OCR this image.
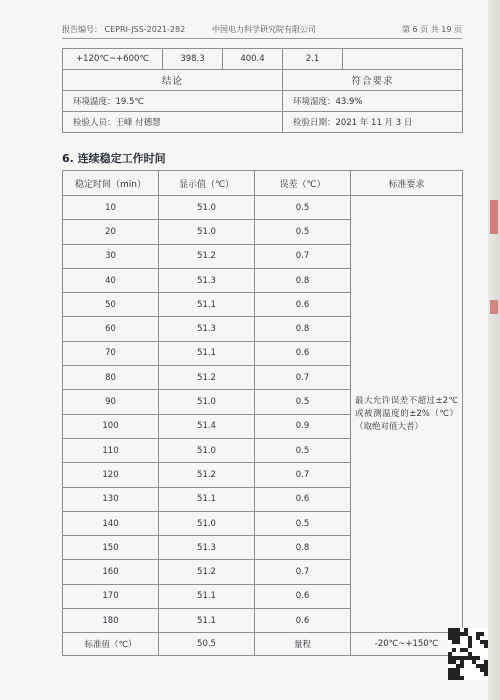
报告编号： CEPRI-JSS-2021-282	中国电力科学研究院有限公司	第 6 页 共 19 页
+120℃~+600℃	398.3	400.4	2.1	
结论			符合要求	
环境温度：19.5℃			环境湿度：43.9%	
检验人员：王峰 付德慧			检验日期：2021 年 11 月 3 日	
6. 连续稳定工作时间
稳定时间（min）	显示值（℃）	误差（℃）	标准要求
10	51.0	0.5	最大允许误差不超过±2℃或被测温度的±2%（℃）（取绝对值大者）
20	51.0	0.5	
30	51.2	0.7	
40	51.3	0.8	
50	51.1	0.6	
60	51.3	0.8	
70	51.1	0.6	
80	51.2	0.7	
90	51.0	0.5	
100	51.4	0.9	
110	51.0	0.5	
120	51.2	0.7	
130	51.1	0.6	
140	51.0	0.5	
150	51.3	0.8	
160	51.2	0.7	
170	51.1	0.6	
180	51.1	0.6	
标准值（℃）	50.5	量程	-20℃~+150℃
